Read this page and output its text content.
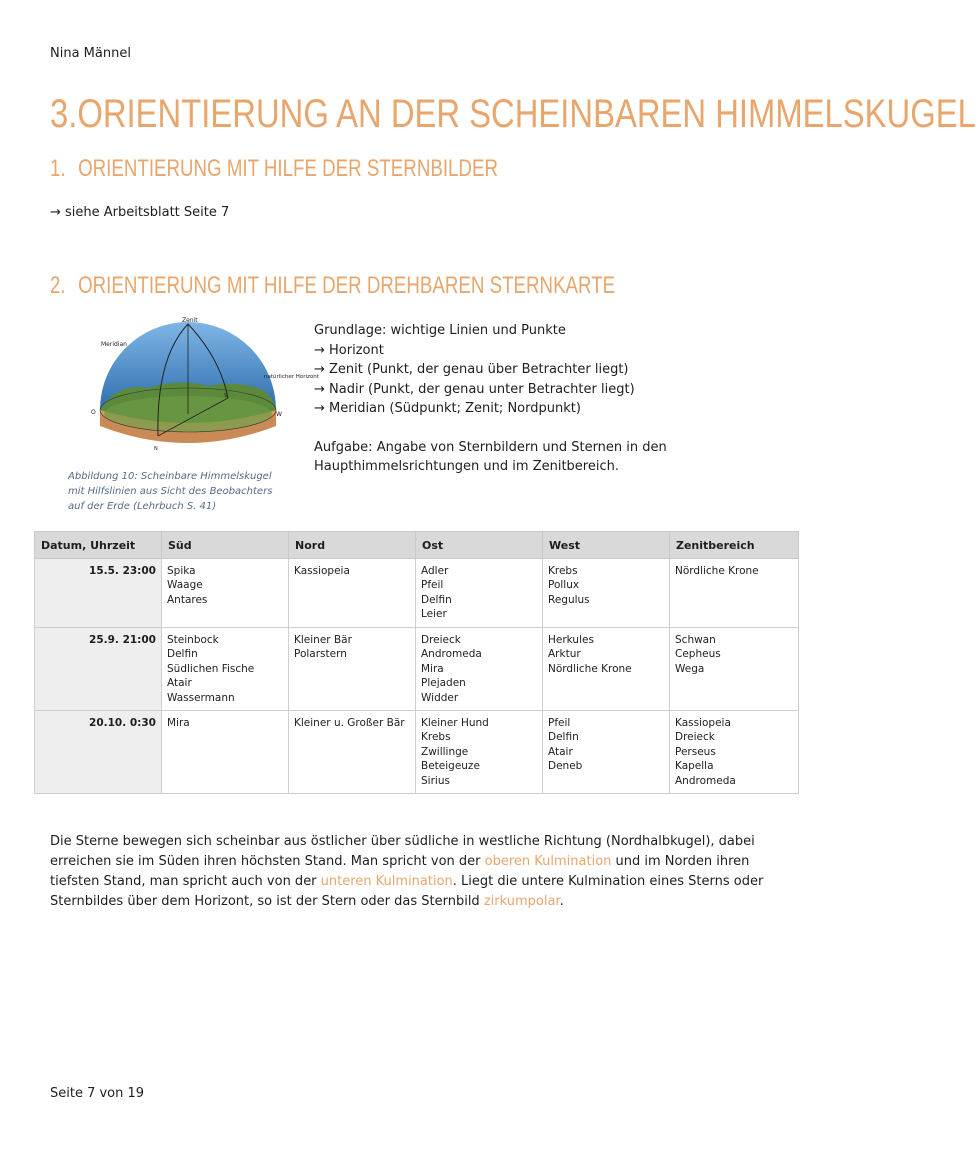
Nina Männel
3.ORIENTIERUNG AN DER SCHEINBAREN HIMMELSKUGEL
1. ORIENTIERUNG MIT HILFE DER STERNBILDER
→ siehe Arbeitsblatt Seite 7
2. ORIENTIERUNG MIT HILFE DER DREHBAREN STERNKARTE
Zenit
Meridian
natürlicher Horizont
O	W
S
N
Abbildung 10: Scheinbare Himmelskugel mit Hilfslinien aus Sicht des Beobachters auf der Erde (Lehrbuch S. 41)

Grundlage: wichtige Linien und Punkte

→ Horizont

→ Zenit (Punkt, der genau über Betrachter liegt)

→ Nadir (Punkt, der genau unter Betrachter liegt)

→ Meridian (Südpunkt; Zenit; Nordpunkt)

Aufgabe: Angabe von Sternbildern und Sternen in den

Haupthimmelsrichtungen und im Zenitbereich.

Datum, Uhrzeit	Süd	Nord	Ost	West	Zenitbereich
15.5. 23:00	Spika
Waage
Antares	Kassiopeia	Adler
Pfeil
Delfin
Leier	Krebs
Pollux
Regulus	Nördliche Krone
25.9. 21:00	Steinbock
Delfin
Südlichen Fische
Atair
Wassermann	Kleiner Bär
Polarstern	Dreieck
Andromeda
Mira
Plejaden
Widder	Herkules
Arktur
Nördliche Krone	Schwan
Cepheus
Wega
20.10. 0:30	Mira	Kleiner u. Großer Bär	Kleiner Hund
Krebs
Zwillinge
Beteigeuze
Sirius	Pfeil
Delfin
Atair
Deneb	Kassiopeia
Dreieck
Perseus
Kapella
Andromeda
Die Sterne bewegen sich scheinbar aus östlicher über südliche in westliche Richtung (Nordhalbkugel), dabei erreichen sie im Süden ihren höchsten Stand. Man spricht von der oberen Kulmination und im Norden ihren tiefsten Stand, man spricht auch von der unteren Kulmination. Liegt die untere Kulmination eines Sterns oder Sternbildes über dem Horizont, so ist der Stern oder das Sternbild zirkumpolar.
Seite 7 von 19
